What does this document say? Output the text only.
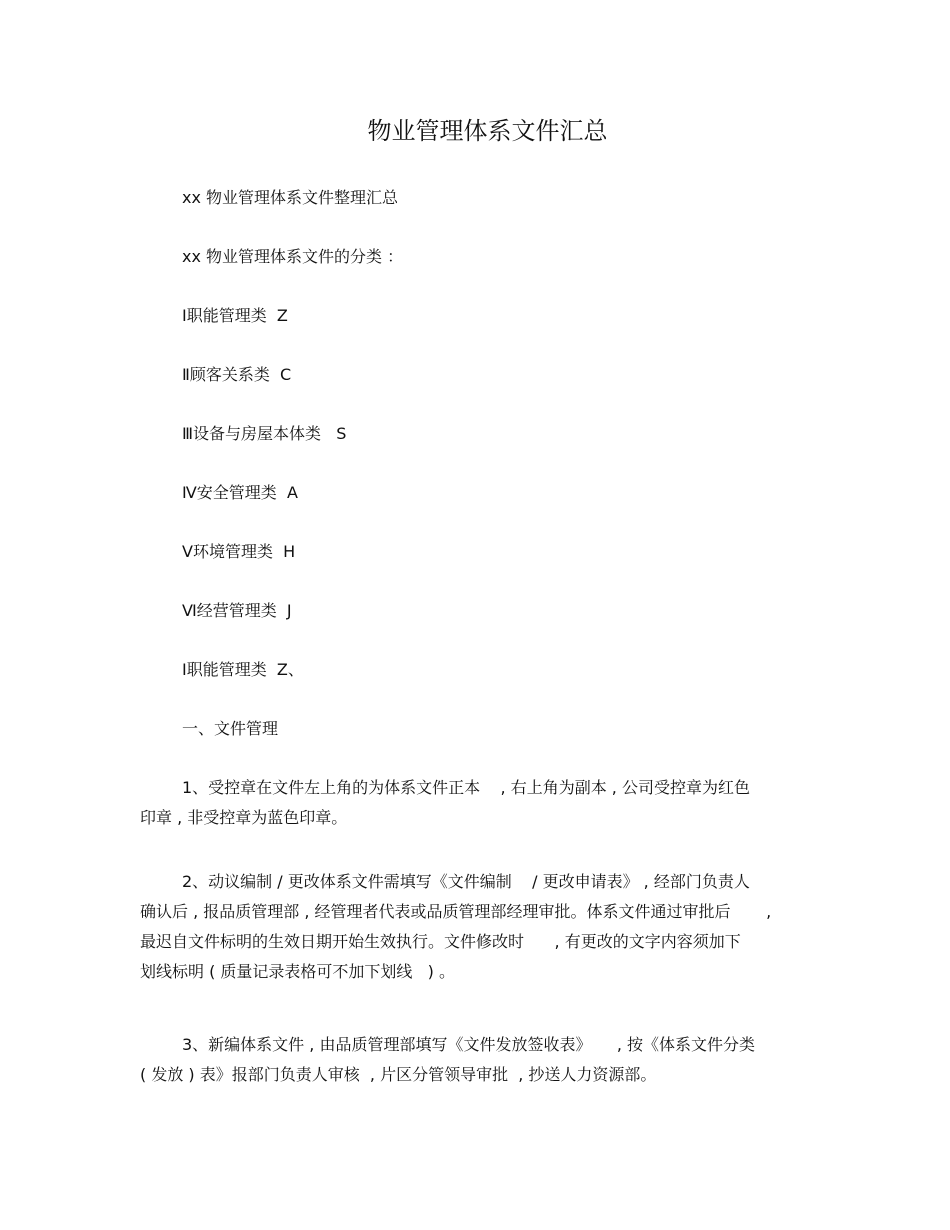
物业管理体系文件汇总
xx 物业管理体系文件整理汇总
xx 物业管理体系文件的分类 ：
Ⅰ职能管理类  Z
Ⅱ顾客关系类  C
Ⅲ设备与房屋本体类   S
Ⅳ安全管理类  A
Ⅴ环境管理类  H
Ⅵ经营管理类  J
Ⅰ职能管理类  Z、
一、文件管理
1、受控章在文件左上角的为体系文件正本    , 右上角为副本 , 公司受控章为红色
印章 , 非受控章为蓝色印章。
2、动议编制 / 更改体系文件需填写《文件编制    / 更改申请表》 , 经部门负责人
确认后 , 报品质管理部 , 经管理者代表或品质管理部经理审批。体系文件通过审批后       ,
最迟自文件标明的生效日期开始生效执行。文件修改时      , 有更改的文字内容须加下
划线标明 ( 质量记录表格可不加下划线   ) 。
3、新编体系文件 , 由品质管理部填写《文件发放签收表》     , 按《体系文件分类
( 发放 ) 表》报部门负责人审核  , 片区分管领导审批  , 抄送人力资源部。
